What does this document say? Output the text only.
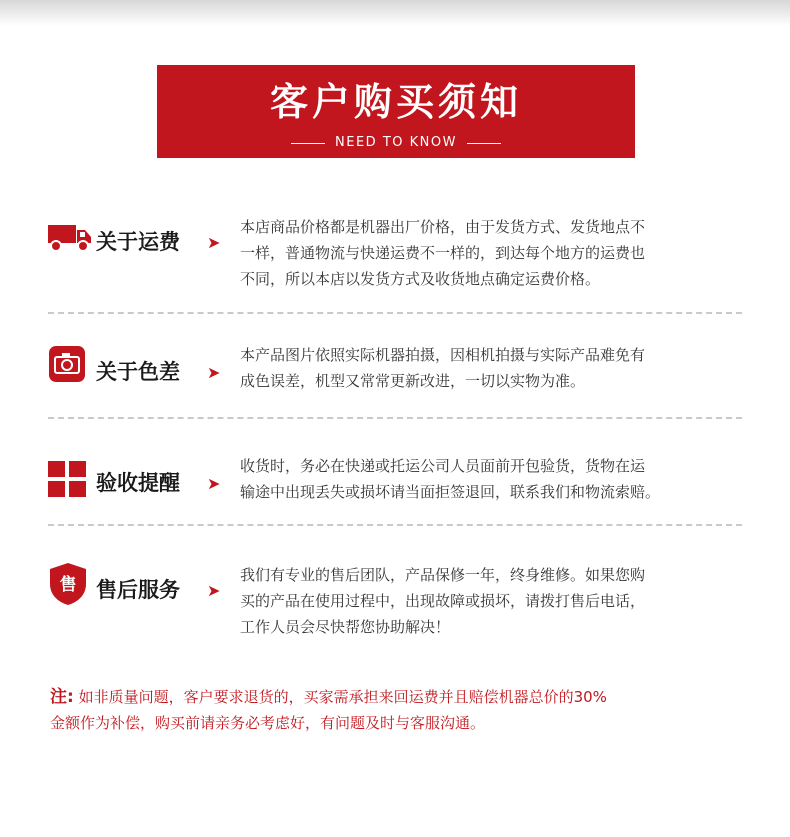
客户购买须知
NEED TO KNOW
关于运费 ➤
本店商品价格都是机器出厂价格，由于发货方式、发货地点不
一样，普通物流与快递运费不一样的，到达每个地方的运费也
不同，所以本店以发货方式及收货地点确定运费价格。
关于色差 ➤
本产品图片依照实际机器拍摄，因相机拍摄与实际产品难免有
成色误差，机型又常常更新改进，一切以实物为准。
验收提醒 ➤
收货时，务必在快递或托运公司人员面前开包验货，货物在运
输途中出现丢失或损坏请当面拒签退回，联系我们和物流索赔。
售 售后服务 ➤
我们有专业的售后团队，产品保修一年，终身维修。如果您购
买的产品在使用过程中，出现故障或损坏，请拨打售后电话，
工作人员会尽快帮您协助解决！
注: 如非质量问题，客户要求退货的，买家需承担来回运费并且赔偿机器总价的30%
金额作为补偿，购买前请亲务必考虑好，有问题及时与客服沟通。
